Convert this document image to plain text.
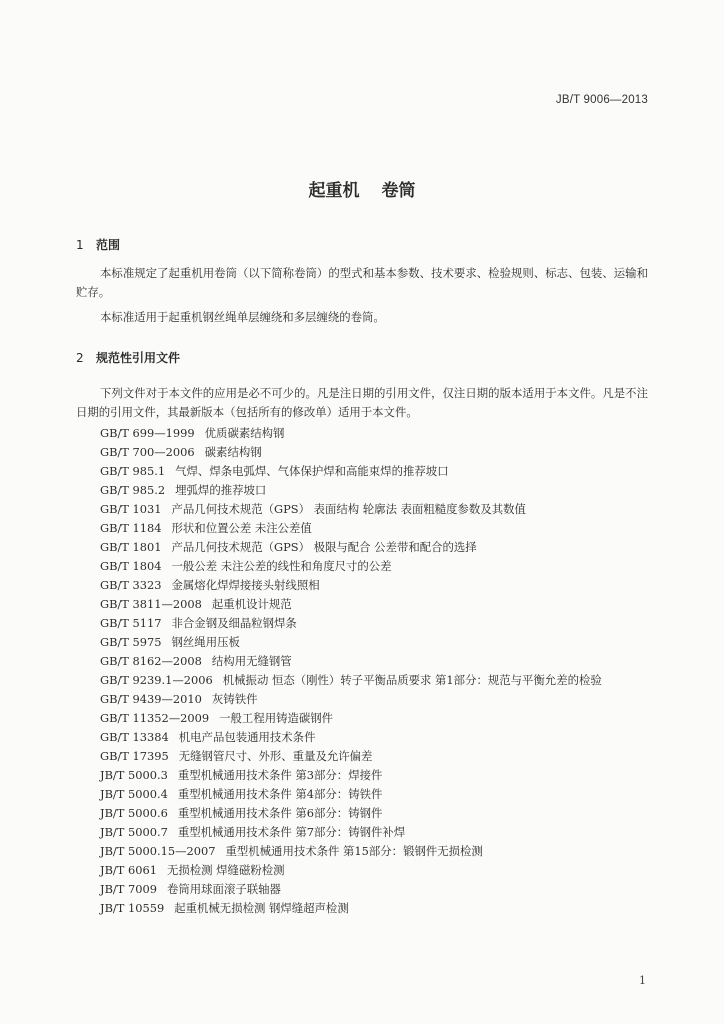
JB/T 9006—2013
起重机 卷筒
1 范围

本标准规定了起重机用卷筒（以下简称卷筒）的型式和基本参数、技术要求、检验规则、标志、包装、运输和贮存。

本标准适用于起重机钢丝绳单层缠绕和多层缠绕的卷筒。

2 规范性引用文件

下列文件对于本文件的应用是必不可少的。凡是注日期的引用文件，仅注日期的版本适用于本文件。凡是不注日期的引用文件，其最新版本（包括所有的修改单）适用于本文件。

GB/T 699—1999 优质碳素结构钢
GB/T 700—2006 碳素结构钢
GB/T 985.1 气焊、焊条电弧焊、气体保护焊和高能束焊的推荐坡口
GB/T 985.2 埋弧焊的推荐坡口
GB/T 1031 产品几何技术规范（GPS） 表面结构 轮廓法 表面粗糙度参数及其数值
GB/T 1184 形状和位置公差 未注公差值
GB/T 1801 产品几何技术规范（GPS） 极限与配合 公差带和配合的选择
GB/T 1804 一般公差 未注公差的线性和角度尺寸的公差
GB/T 3323 金属熔化焊焊接接头射线照相
GB/T 3811—2008 起重机设计规范
GB/T 5117 非合金钢及细晶粒钢焊条
GB/T 5975 钢丝绳用压板
GB/T 8162—2008 结构用无缝钢管
GB/T 9239.1—2006 机械振动 恒态（刚性）转子平衡品质要求 第1部分：规范与平衡允差的检验
GB/T 9439—2010 灰铸铁件
GB/T 11352—2009 一般工程用铸造碳钢件
GB/T 13384 机电产品包装通用技术条件
GB/T 17395 无缝钢管尺寸、外形、重量及允许偏差
JB/T 5000.3 重型机械通用技术条件 第3部分：焊接件
JB/T 5000.4 重型机械通用技术条件 第4部分：铸铁件
JB/T 5000.6 重型机械通用技术条件 第6部分：铸钢件
JB/T 5000.7 重型机械通用技术条件 第7部分：铸钢件补焊
JB/T 5000.15—2007 重型机械通用技术条件 第15部分：锻钢件无损检测
JB/T 6061 无损检测 焊缝磁粉检测
JB/T 7009 卷筒用球面滚子联轴器
JB/T 10559 起重机械无损检测 钢焊缝超声检测
1
